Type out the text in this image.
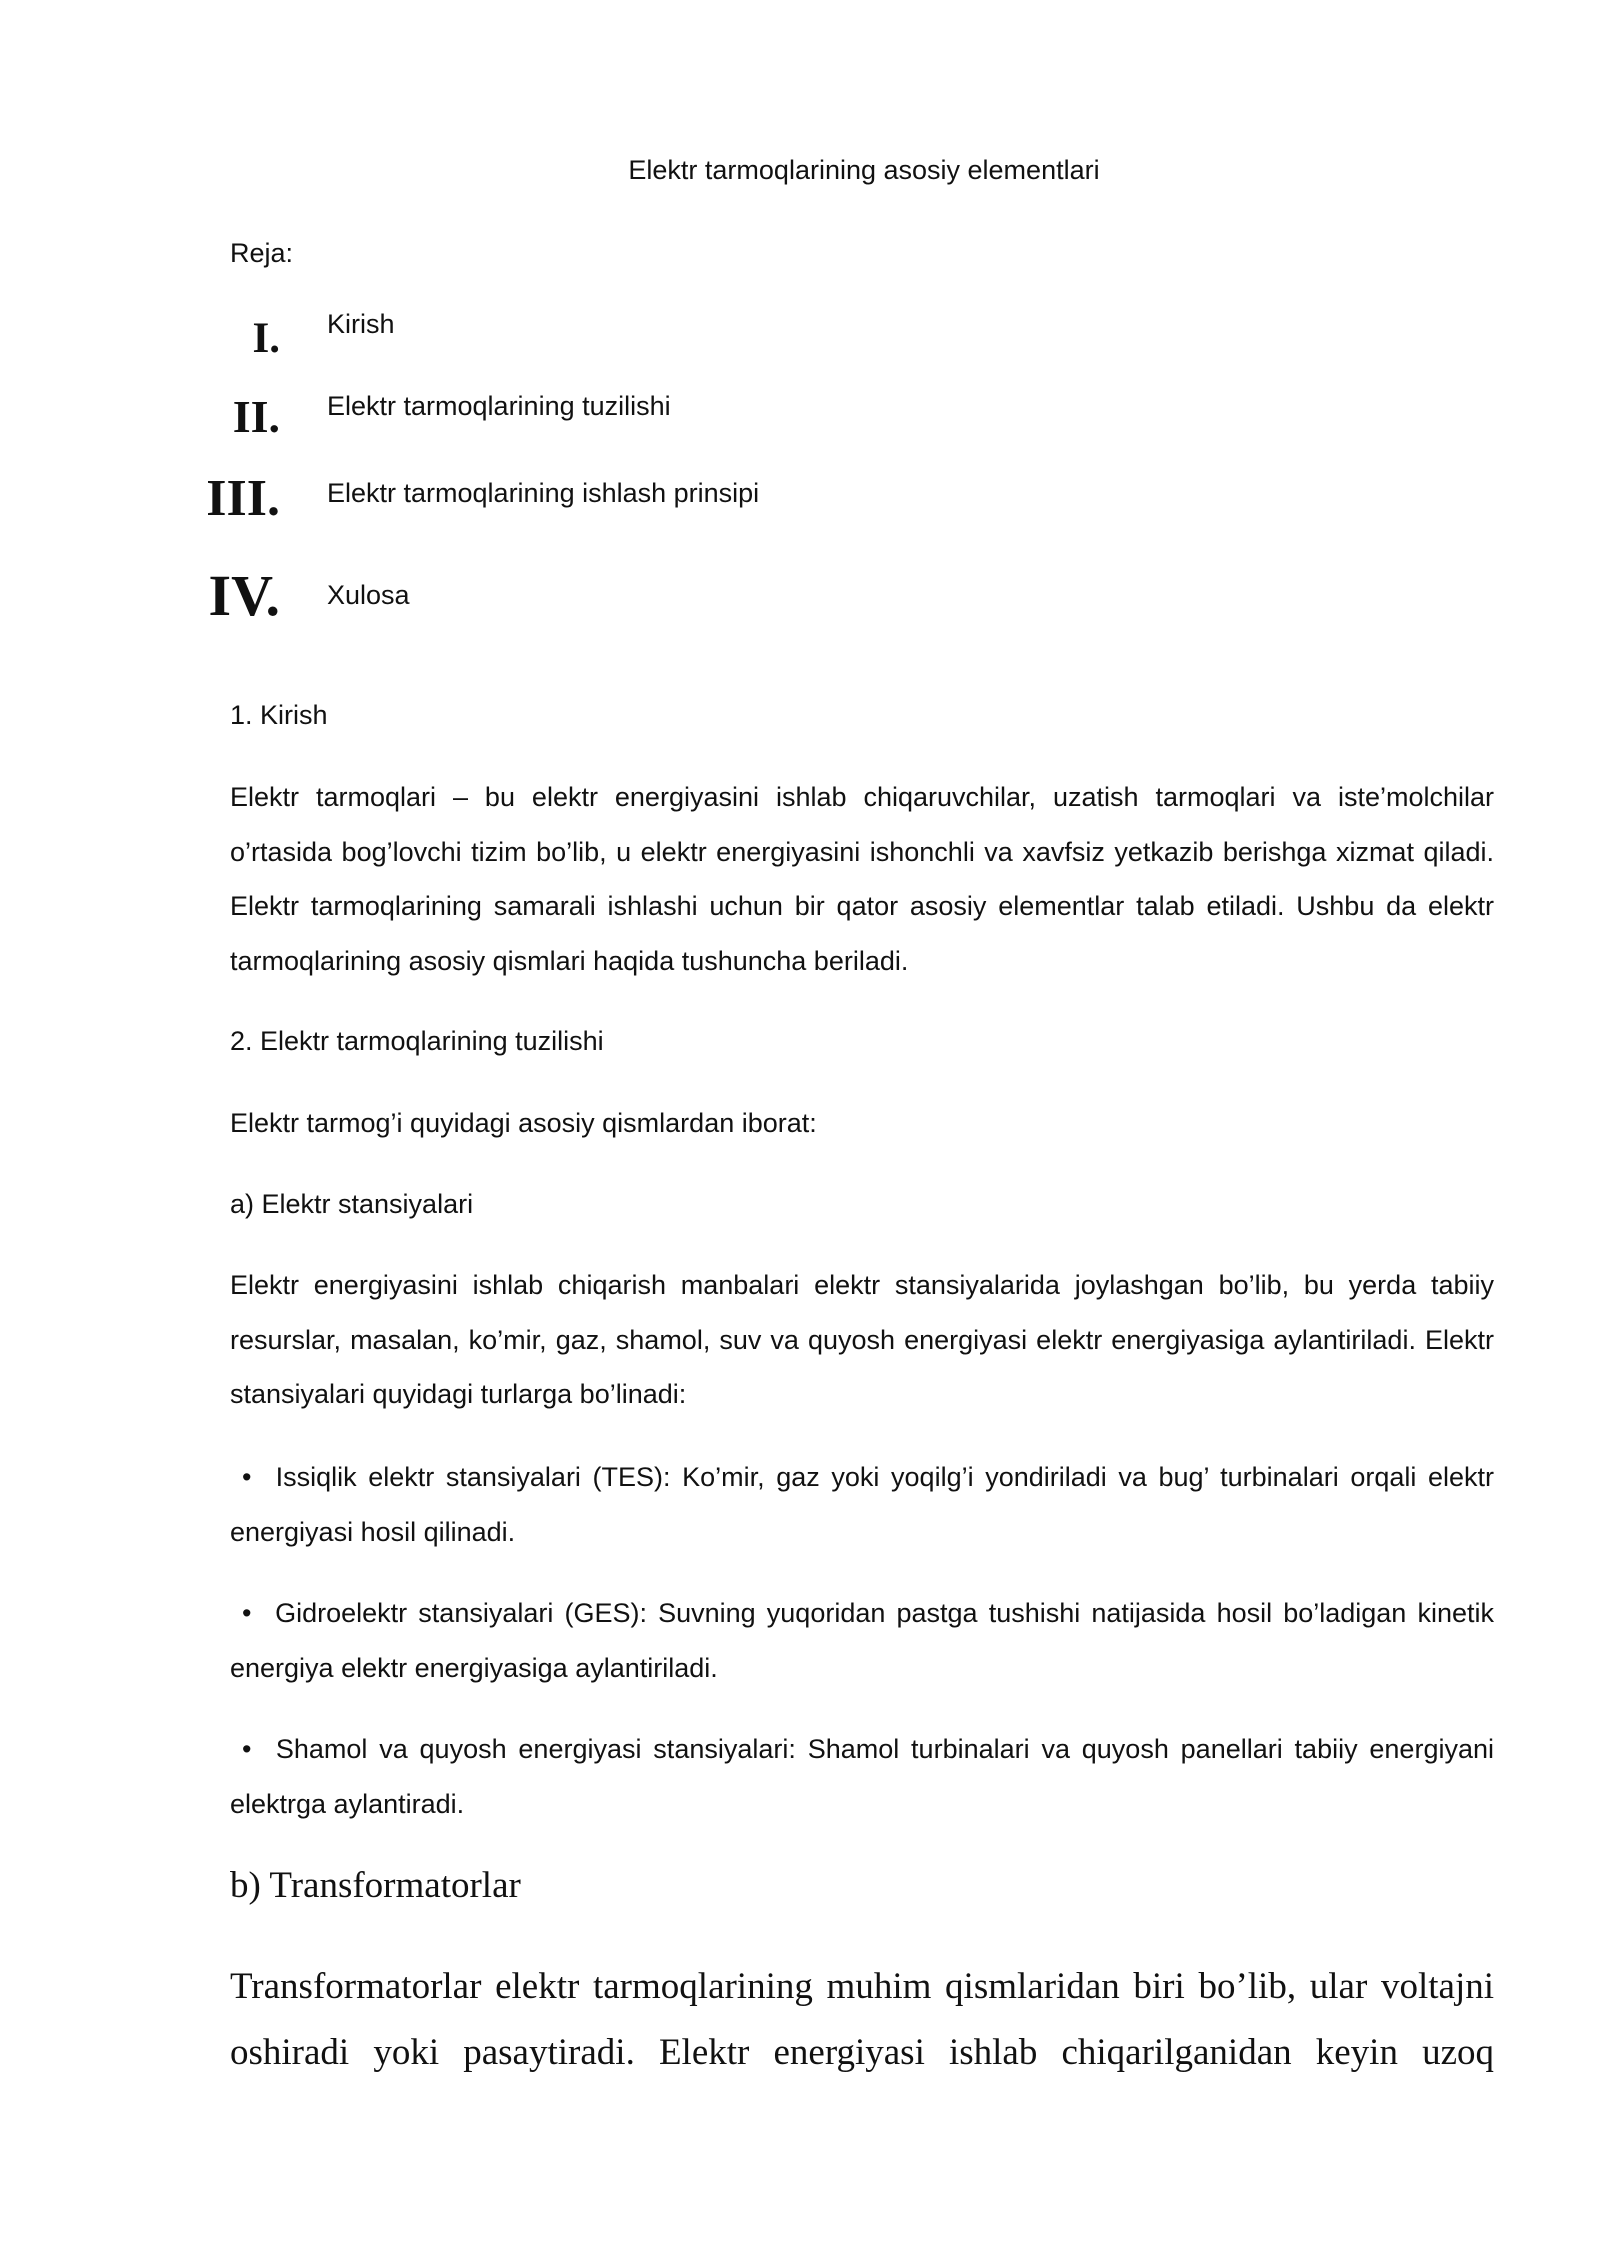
Elektr tarmoqlarining asosiy elementlari

Reja:

I. Kirish
II. Elektr tarmoqlarining tuzilishi
III. Elektr tarmoqlarining ishlash prinsipi
IV. Xulosa
1. Kirish

Elektr tarmoqlari – bu elektr energiyasini ishlab chiqaruvchilar, uzatish tarmoqlari va iste’molchilar o’rtasida bog’lovchi tizim bo’lib, u elektr energiyasini ishonchli va xavfsiz yetkazib berishga xizmat qiladi. Elektr tarmoqlarining samarali ishlashi uchun bir qator asosiy elementlar talab etiladi. Ushbu da elektr tarmoqlarining asosiy qismlari haqida tushuncha beriladi.

2. Elektr tarmoqlarining tuzilishi

Elektr tarmog’i quyidagi asosiy qismlardan iborat:

a) Elektr stansiyalari

Elektr energiyasini ishlab chiqarish manbalari elektr stansiyalarida joylashgan bo’lib, bu yerda tabiiy resurslar, masalan, ko’mir, gaz, shamol, suv va quyosh energiyasi elektr energiyasiga aylantiriladi. Elektr stansiyalari quyidagi turlarga bo’linadi:

• Issiqlik elektr stansiyalari (TES): Ko’mir, gaz yoki yoqilg’i yondiriladi va bug’ turbinalari orqali elektr energiyasi hosil qilinadi.

• Gidroelektr stansiyalari (GES): Suvning yuqoridan pastga tushishi natijasida hosil bo’ladigan kinetik energiya elektr energiyasiga aylantiriladi.

• Shamol va quyosh energiyasi stansiyalari: Shamol turbinalari va quyosh panellari tabiiy energiyani elektrga aylantiradi.

b) Transformatorlar

Transformatorlar elektr tarmoqlarining muhim qismlaridan biri bo’lib, ular voltajni oshiradi yoki pasaytiradi. Elektr energiyasi ishlab chiqarilganidan keyin uzoq
